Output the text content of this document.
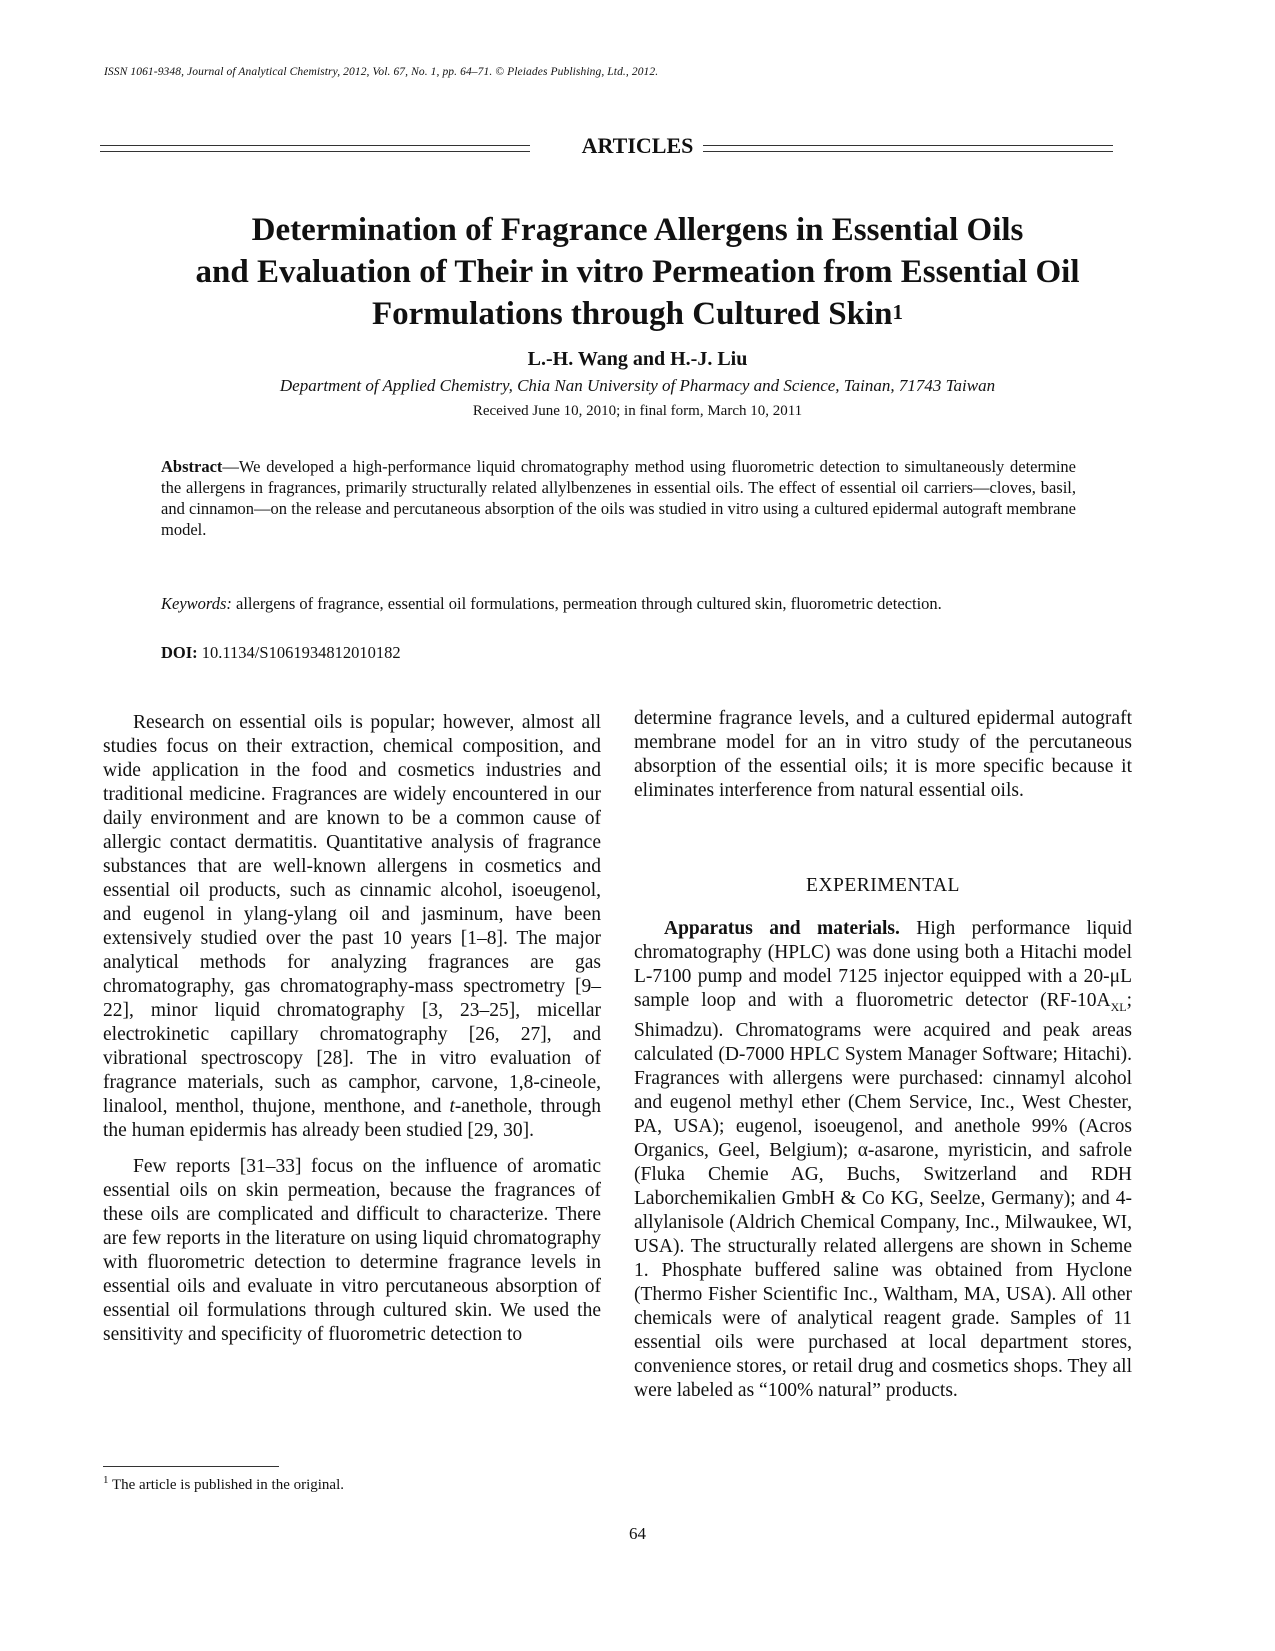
ISSN 1061-9348, Journal of Analytical Chemistry, 2012, Vol. 67, No. 1, pp. 64–71. © Pleiades Publishing, Ltd., 2012.
ARTICLES
Determination of Fragrance Allergens in Essential Oils
and Evaluation of Their in vitro Permeation from Essential Oil
Formulations through Cultured Skin$^1$
L.-H. Wang and H.-J. Liu
Department of Applied Chemistry, Chia Nan University of Pharmacy and Science, Tainan, 71743 Taiwan
Received June 10, 2010; in final form, March 10, 2011
Abstract—We developed a high-performance liquid chromatography method using fluorometric detection to simultaneously determine the allergens in fragrances, primarily structurally related allylbenzenes in essential oils. The effect of essential oil carriers—cloves, basil, and cinnamon—on the release and percutaneous absorption of the oils was studied in vitro using a cultured epidermal autograft membrane model.
Keywords: allergens of fragrance, essential oil formulations, permeation through cultured skin, fluorometric detection.
DOI: 10.1134/S1061934812010182

Research on essential oils is popular; however, almost all studies focus on their extraction, chemical composition, and wide application in the food and cosmetics industries and traditional medicine. Fragrances are widely encountered in our daily environment and are known to be a common cause of allergic contact dermatitis. Quantitative analysis of fragrance substances that are well-known allergens in cosmetics and essential oil products, such as cinnamic alcohol, isoeugenol, and eugenol in ylang-ylang oil and jasminum, have been extensively studied over the past 10 years [1–8]. The major analytical methods for analyzing fragrances are gas chromatography, gas chromatography-mass spectrometry [9–22], minor liquid chromatography [3, 23–25], micellar electrokinetic capillary chromatography [26, 27], and vibrational spectroscopy [28]. The in vitro evaluation of fragrance materials, such as camphor, carvone, 1,8-cineole, linalool, menthol, thujone, menthone, and t-anethole, through the human epidermis has already been studied [29, 30].

Few reports [31–33] focus on the influence of aromatic essential oils on skin permeation, because the fragrances of these oils are complicated and difficult to characterize. There are few reports in the literature on using liquid chromatography with fluorometric detection to determine fragrance levels in essential oils and evaluate in vitro percutaneous absorption of essential oil formulations through cultured skin. We used the sensitivity and specificity of fluorometric detection to

determine fragrance levels, and a cultured epidermal autograft membrane model for an in vitro study of the percutaneous absorption of the essential oils; it is more specific because it eliminates interference from natural essential oils.

EXPERIMENTAL

Apparatus and materials. High performance liquid chromatography (HPLC) was done using both a Hitachi model L-7100 pump and model 7125 injector equipped with a 20-μL sample loop and with a fluorometric detector ($RF-10A_{XL}$; Shimadzu). Chromatograms were acquired and peak areas calculated (D-7000 HPLC System Manager Software; Hitachi). Fragrances with allergens were purchased: cinnamyl alcohol and eugenol methyl ether (Chem Service, Inc., West Chester, PA, USA); eugenol, isoeugenol, and anethole 99% (Acros Organics, Geel, Belgium); α-asarone, myristicin, and safrole (Fluka Chemie AG, Buchs, Switzerland and RDH Laborchemikalien GmbH & Co KG, Seelze, Germany); and 4-allylanisole (Aldrich Chemical Company, Inc., Milwaukee, WI, USA). The structurally related allergens are shown in Scheme 1. Phosphate buffered saline was obtained from Hyclone (Thermo Fisher Scientific Inc., Waltham, MA, USA). All other chemicals were of analytical reagent grade. Samples of 11 essential oils were purchased at local department stores, convenience stores, or retail drug and cosmetics shops. They all were labeled as “100% natural” products.

$^1$ The article is published in the original.
64
